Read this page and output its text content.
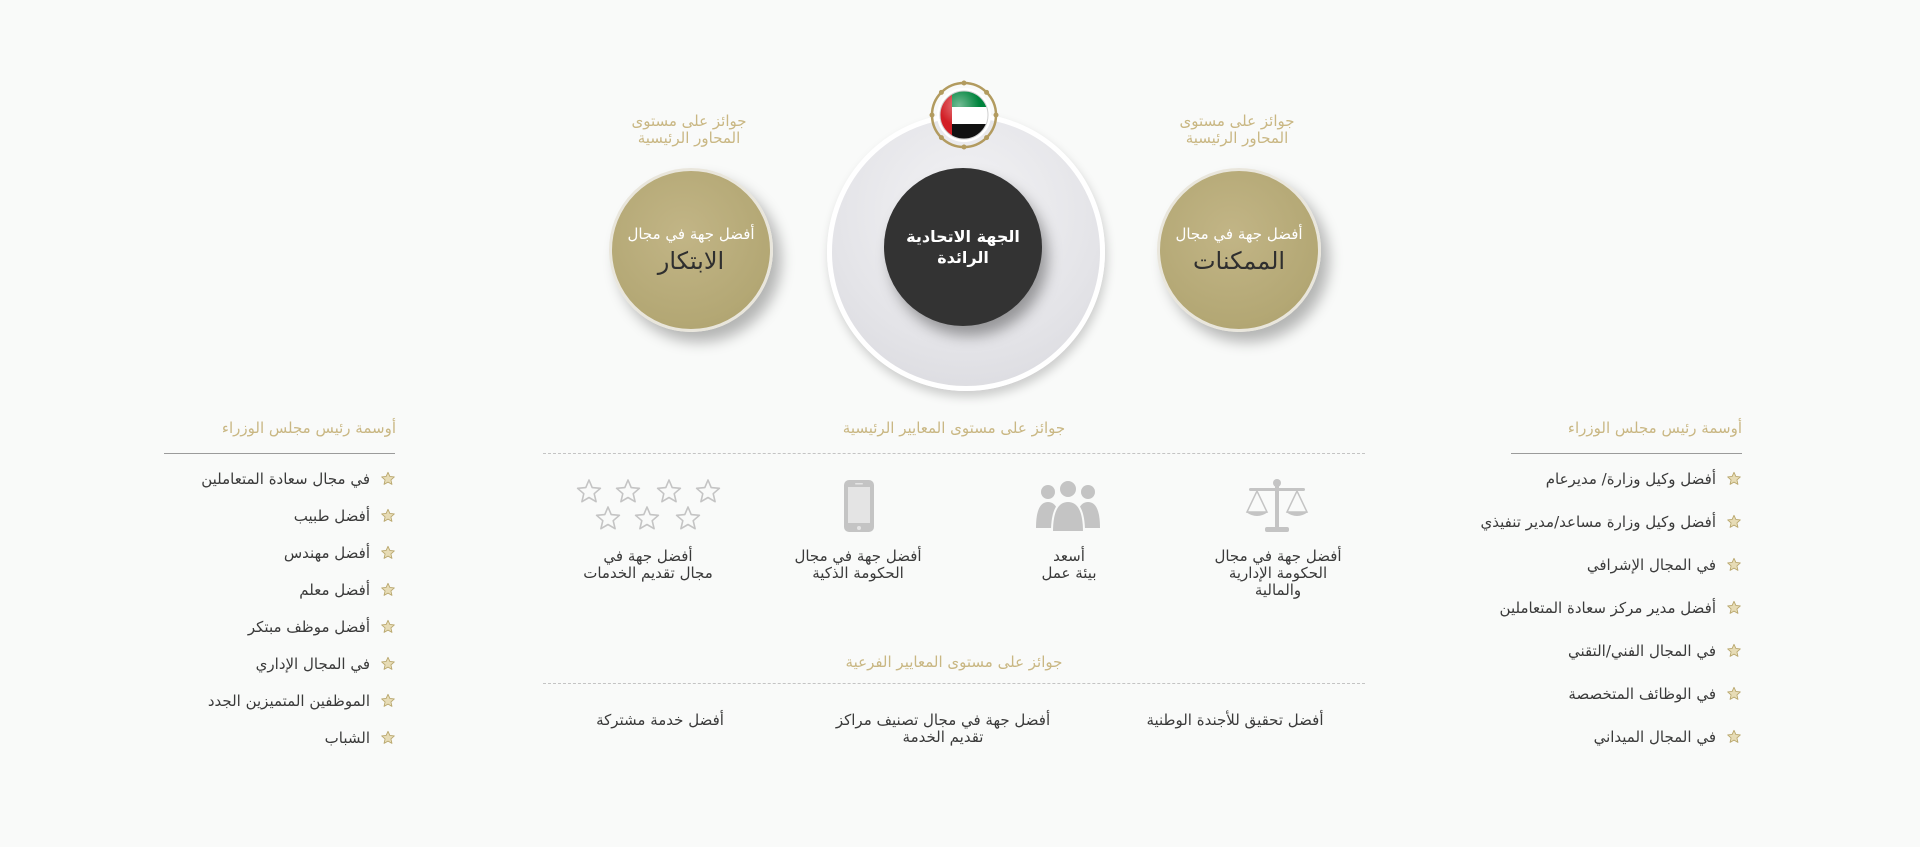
جوائز على مستوى
المحاور الرئيسية
أفضل جهة في مجال
الابتكار
جوائز على مستوى
المحاور الرئيسية
أفضل جهة في مجال
الممكنات
الجهة الاتحادية
الرائدة
أوسمة رئيس مجلس الوزراء
أفضل وكيل وزارة/ مديرعام
أفضل وكيل وزارة مساعد/مدير تنفيذي
في المجال الإشرافي
أفضل مدير مركز سعادة المتعاملين
في المجال الفني/التقني
في الوظائف المتخصصة
في المجال الميداني
أوسمة رئيس مجلس الوزراء
في مجال سعادة المتعاملين
أفضل طبيب
أفضل مهندس
أفضل معلم
أفضل موظف مبتكر
في المجال الإداري
الموظفين المتميزين الجدد
الشباب
جوائز على مستوى المعايير الرئيسية
أفضل جهة في مجال
الحكومة الإدارية
والمالية
أسعد
بيئة عمل
أفضل جهة في مجال
الحكومة الذكية
أفضل جهة في
مجال تقديم الخدمات
جوائز على مستوى المعايير الفرعية
أفضل تحقيق للأجندة الوطنية
أفضل جهة في مجال تصنيف مراكز
تقديم الخدمة
أفضل خدمة مشتركة
